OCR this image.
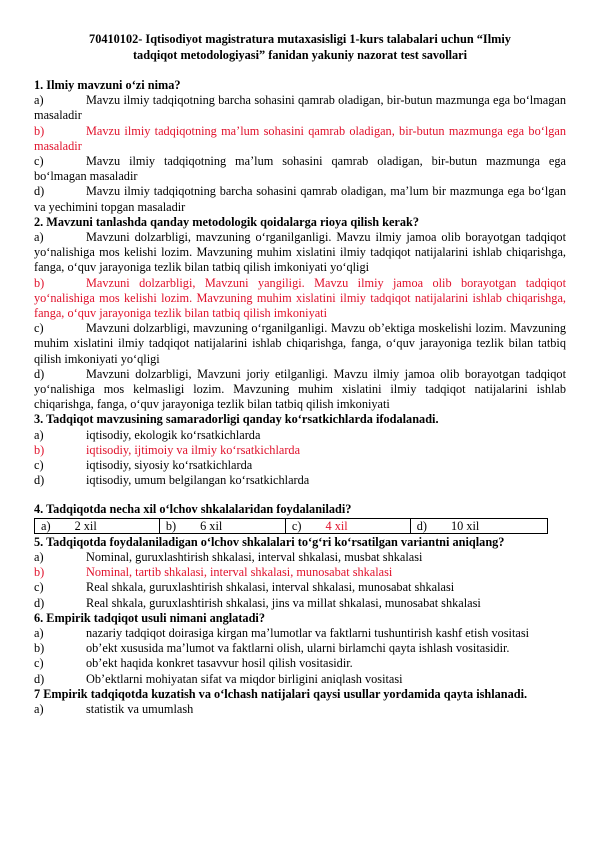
70410102- Iqtisodiyot magistratura mutaxasisligi 1-kurs talabalari uchun “Ilmiy
tadqiqot metodologiyasi” fanidan yakuniy nazorat test savollari

1. Ilmiy mavzuni o‘zi nima?

a)	Mavzu ilmiy tadqiqotning barcha sohasini qamrab oladigan, bir-butun mazmunga ega bo‘lmagan masaladir

b)	Mavzu ilmiy tadqiqotning ma’lum sohasini qamrab oladigan, bir-butun mazmunga ega bo‘lgan masaladir

c)	Mavzu ilmiy tadqiqotning ma’lum sohasini qamrab oladigan, bir-butun mazmunga ega bo‘lmagan masaladir

d)	Mavzu ilmiy tadqiqotning barcha sohasini qamrab oladigan, ma’lum bir mazmunga ega bo‘lgan va yechimini topgan masaladir

2. Mavzuni tanlashda qanday metodologik qoidalarga rioya qilish kerak?

a)	Mavzuni dolzarbligi, mavzuning o‘rganilganligi. Mavzu ilmiy jamoa olib borayotgan tadqiqot yo‘nalishiga mos kelishi lozim. Mavzuning muhim xislatini ilmiy tadqiqot natijalarini ishlab chiqarishga, fanga, o‘quv jarayoniga tezlik bilan tatbiq qilish imkoniyati yo‘qligi

b)	Mavzuni dolzarbligi, Mavzuni yangiligi. Mavzu ilmiy jamoa olib borayotgan tadqiqot yo‘nalishiga mos kelishi lozim. Mavzuning muhim xislatini ilmiy tadqiqot natijalarini ishlab chiqarishga, fanga, o‘quv jarayoniga tezlik bilan tatbiq qilish imkoniyati

c)	Mavzuni dolzarbligi, mavzuning o‘rganilganligi. Mavzu ob’ektiga moskelishi lozim. Mavzuning muhim xislatini ilmiy tadqiqot natijalarini ishlab chiqarishga, fanga, o‘quv jarayoniga tezlik bilan tatbiq qilish imkoniyati yo‘qligi

d)	Mavzuni dolzarbligi, Mavzuni joriy etilganligi. Mavzu ilmiy jamoa olib borayotgan tadqiqot yo‘nalishiga mos kelmasligi lozim. Mavzuning muhim xislatini ilmiy tadqiqot natijalarini ishlab chiqarishga, fanga, o‘quv jarayoniga tezlik bilan tatbiq qilish imkoniyati

3. Tadqiqot mavzusining samaradorligi qanday ko‘rsatkichlarda ifodalanadi.

a)	iqtisodiy, ekologik ko‘rsatkichlarda

b)	iqtisodiy, ijtimoiy va ilmiy ko‘rsatkichlarda

c)	iqtisodiy, siyosiy ko‘rsatkichlarda

d)	iqtisodiy, umum belgilangan ko‘rsatkichlarda

4. Tadqiqotda necha xil o‘lchov shkalalaridan foydalaniladi?

a) 2 xil	b) 6 xil	c) 4 xil	d) 10 xil

5. Tadqiqotda foydalaniladigan o‘lchov shkalalari to‘g‘ri ko‘rsatilgan variantni aniqlang?

a)	Nominal, guruxlashtirish shkalasi, interval shkalasi, musbat shkalasi

b)	Nominal, tartib shkalasi, interval shkalasi, munosabat shkalasi

c)	Real shkala, guruxlashtirish shkalasi, interval shkalasi, munosabat shkalasi

d)	Real shkala, guruxlashtirish shkalasi, jins va millat shkalasi, munosabat shkalasi

6. Empirik tadqiqot usuli nimani anglatadi?

a)	nazariy tadqiqot doirasiga kirgan ma’lumotlar va faktlarni tushuntirish kashf etish vositasi

b)	ob’ekt xususida ma’lumot va faktlarni olish, ularni birlamchi qayta ishlash vositasidir.

c)	ob’ekt haqida konkret tasavvur hosil qilish vositasidir.

d)	Ob’ektlarni mohiyatan sifat va miqdor birligini aniqlash vositasi

7 Empirik tadqiqotda kuzatish va o‘lchash natijalari qaysi usullar yordamida qayta ishlanadi.

a)	statistik va umumlash
